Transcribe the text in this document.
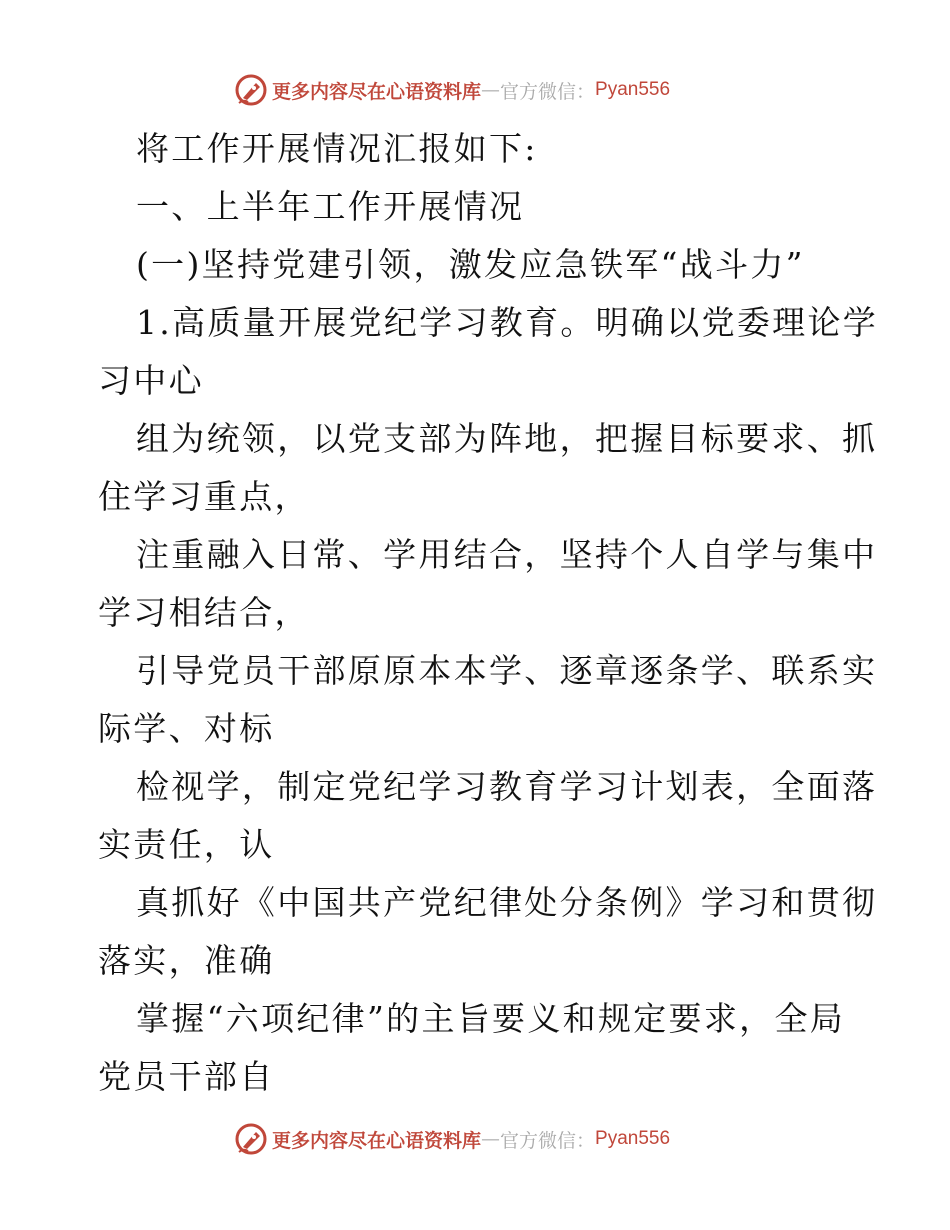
更多内容尽在心语资料库 — 官方微信： Pyan556
将工作开展情况汇报如下:
一、上半年工作开展情况
(一)坚持党建引领，激发应急铁军“战斗力”
1.高质量开展党纪学习教育。明确以党委理论学
习中心
组为统领，以党支部为阵地，把握目标要求、抓
住学习重点，
注重融入日常、学用结合，坚持个人自学与集中
学习相结合，
引导党员干部原原本本学、逐章逐条学、联系实
际学、对标
检视学，制定党纪学习教育学习计划表，全面落
实责任，认
真抓好《中国共产党纪律处分条例》学习和贯彻
落实，准确
掌握“六项纪律”的主旨要义和规定要求，全局
党员干部自
更多内容尽在心语资料库 — 官方微信： Pyan556
